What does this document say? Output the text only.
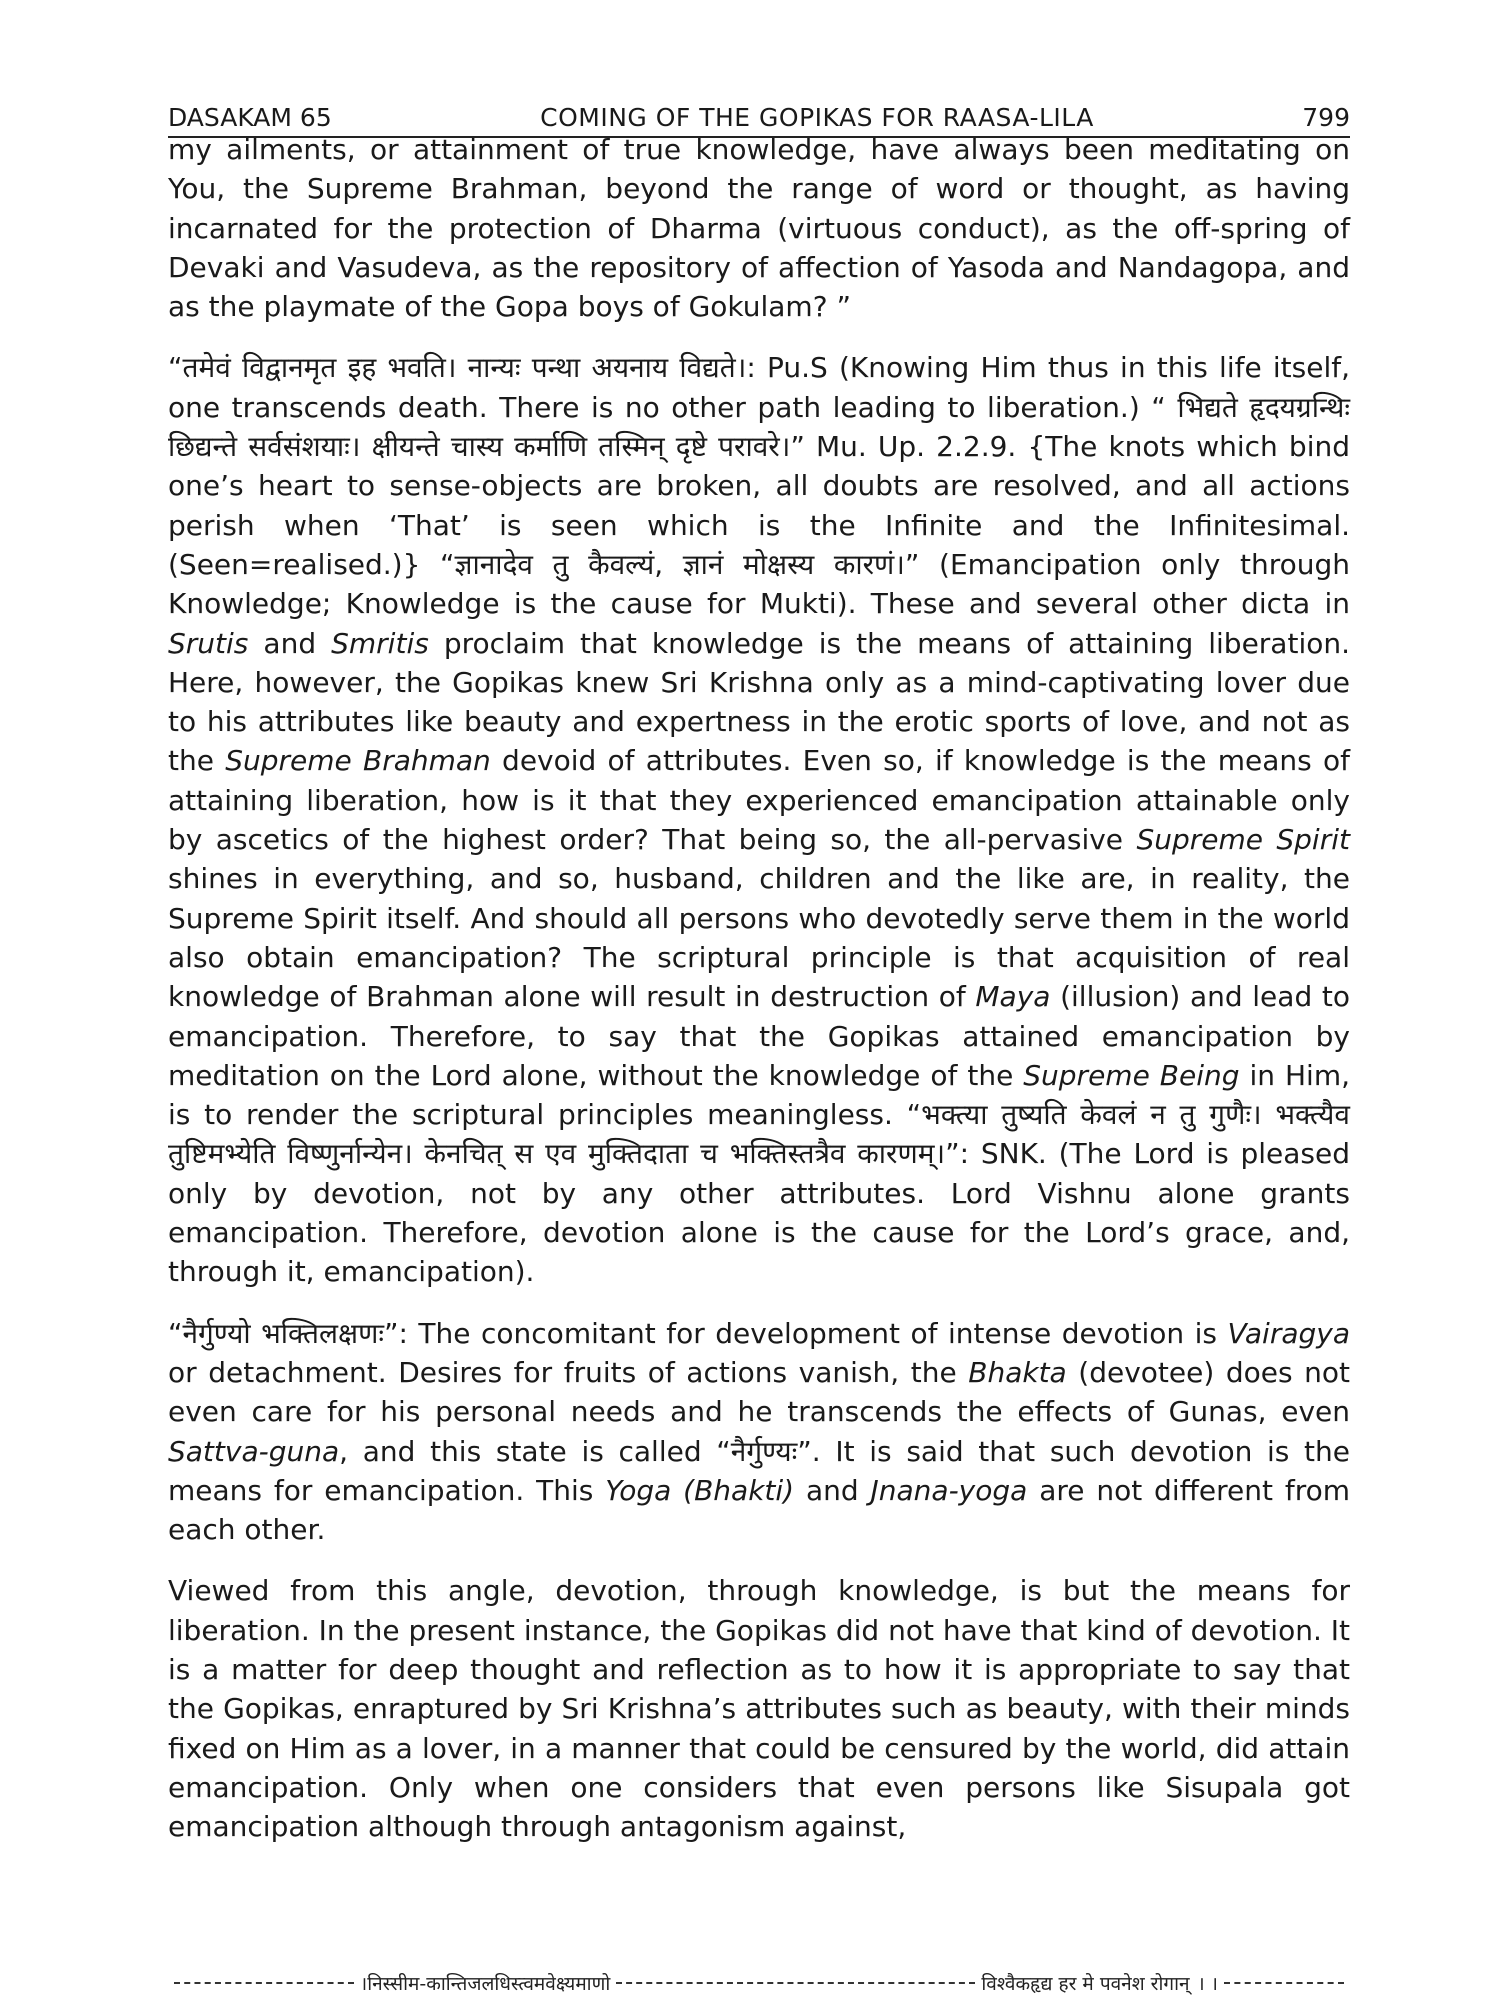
DASAKAM 65	COMING OF THE GOPIKAS FOR RAASA-LILA	799

my ailments, or attainment of true knowledge, have always been meditating on You, the Supreme Brahman, beyond the range of word or thought, as having incarnated for the protection of Dharma (virtuous conduct), as the off-spring of Devaki and Vasudeva, as the repository of affection of Yasoda and Nandagopa, and as the playmate of the Gopa boys of Gokulam? ”

“तमेवं विद्वानमृत इह भवति। नान्यः पन्था अयनाय विद्यते।: Pu.S (Knowing Him thus in this life itself, one transcends death. There is no other path leading to liberation.) “ भिद्यते हृदयग्रन्थिः छिद्यन्ते सर्वसंशयाः। क्षीयन्ते चास्य कर्माणि तस्मिन् दृष्टे परावरे।” Mu. Up. 2.2.9. {The knots which bind one’s heart to sense-objects are broken, all doubts are resolved, and all actions perish when ‘That’ is seen which is the Infinite and the Infinitesimal. (Seen=realised.)} “ज्ञानादेव तु कैवल्यं, ज्ञानं मोक्षस्य कारणं।” (Emancipation only through Knowledge; Knowledge is the cause for Mukti). These and several other dicta in Srutis and Smritis proclaim that knowledge is the means of attaining liberation. Here, however, the Gopikas knew Sri Krishna only as a mind-captivating lover due to his attributes like beauty and expertness in the erotic sports of love, and not as the Supreme Brahman devoid of attributes. Even so, if knowledge is the means of attaining liberation, how is it that they experienced emancipation attainable only by ascetics of the highest order? That being so, the all-pervasive Supreme Spirit shines in everything, and so, husband, children and the like are, in reality, the Supreme Spirit itself. And should all persons who devotedly serve them in the world also obtain emancipation? The scriptural principle is that acquisition of real knowledge of Brahman alone will result in destruction of Maya (illusion) and lead to emancipation. Therefore, to say that the Gopikas attained emancipation by meditation on the Lord alone, without the knowledge of the Supreme Being in Him, is to render the scriptural principles meaningless. “भक्त्या तुष्यति केवलं न तु गुणैः। भक्त्यैव तुष्टिमभ्येति विष्णुर्नान्येन। केनचित् स एव मुक्तिदाता च भक्तिस्तत्रैव कारणम्।”: SNK. (The Lord is pleased only by devotion, not by any other attributes. Lord Vishnu alone grants emancipation. Therefore, devotion alone is the cause for the Lord’s grace, and, through it, emancipation).

“नैर्गुण्यो भक्तिलक्षणः”: The concomitant for development of intense devotion is Vairagya or detachment. Desires for fruits of actions vanish, the Bhakta (devotee) does not even care for his personal needs and he transcends the effects of Gunas, even Sattva-guna, and this state is called “नैर्गुण्यः”. It is said that such devotion is the means for emancipation. This Yoga (Bhakti) and Jnana-yoga are not different from each other.

Viewed from this angle, devotion, through knowledge, is but the means for liberation. In the present instance, the Gopikas did not have that kind of devotion. It is a matter for deep thought and reflection as to how it is appropriate to say that the Gopikas, enraptured by Sri Krishna’s attributes such as beauty, with their minds fixed on Him as a lover, in a manner that could be censured by the world, did attain emancipation. Only when one considers that even persons like Sisupala got emancipation although through antagonism against,

।निस्सीम-कान्तिजलधिस्त्वमवेक्ष्यमाणो	विश्वैकहृद्य हर मे पवनेश रोगान् । ।
